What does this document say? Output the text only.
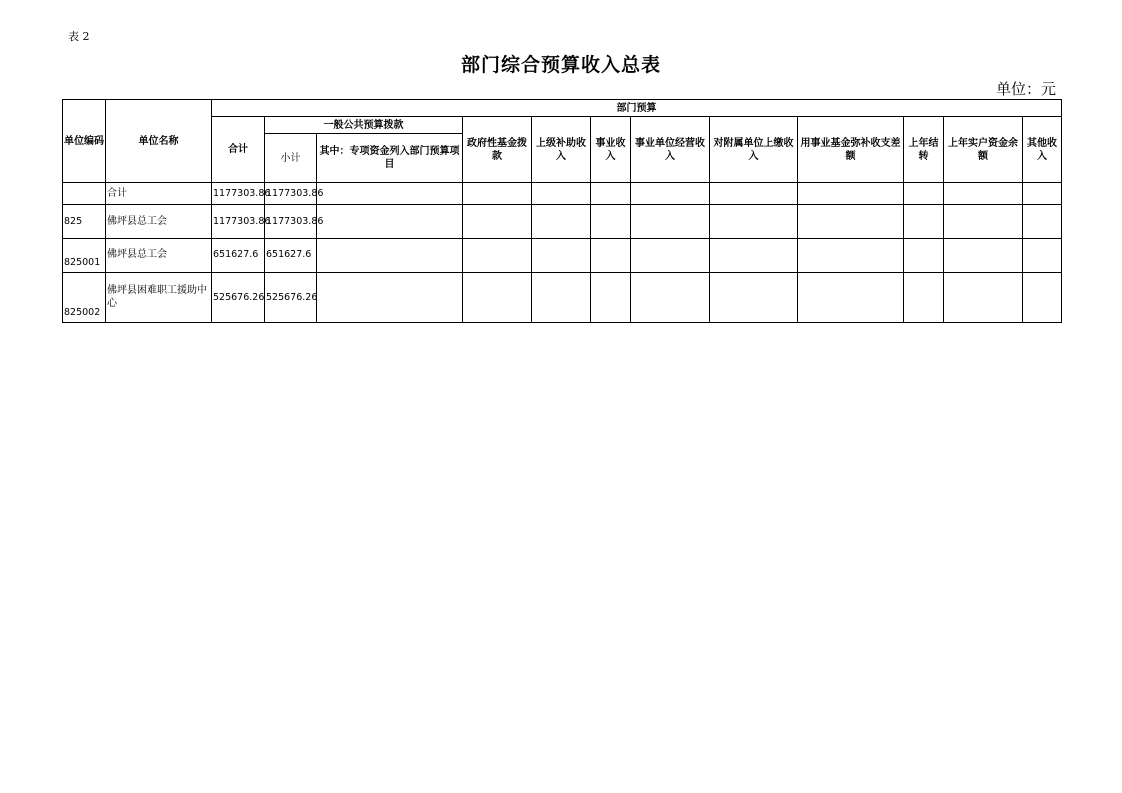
表 2
部门综合预算收入总表
单位：元
单位编码	单位名称	部门预算											
		合计	一般公共预算拨款		政府性基金拨款	上级补助收入	事业收入	事业单位经营收入	对附属单位上缴收入	用事业基金弥补收支差额	上年结转	上年实户资金余额	其他收入
			小计	其中：专项资金列入部门预算项目									
	合计	1177303.86	1177303.86										
825	佛坪县总工会	1177303.86	1177303.86										
825001	佛坪县总工会	651627.6	651627.6										
825002	佛坪县困难职工援助中心	525676.26	525676.26										
